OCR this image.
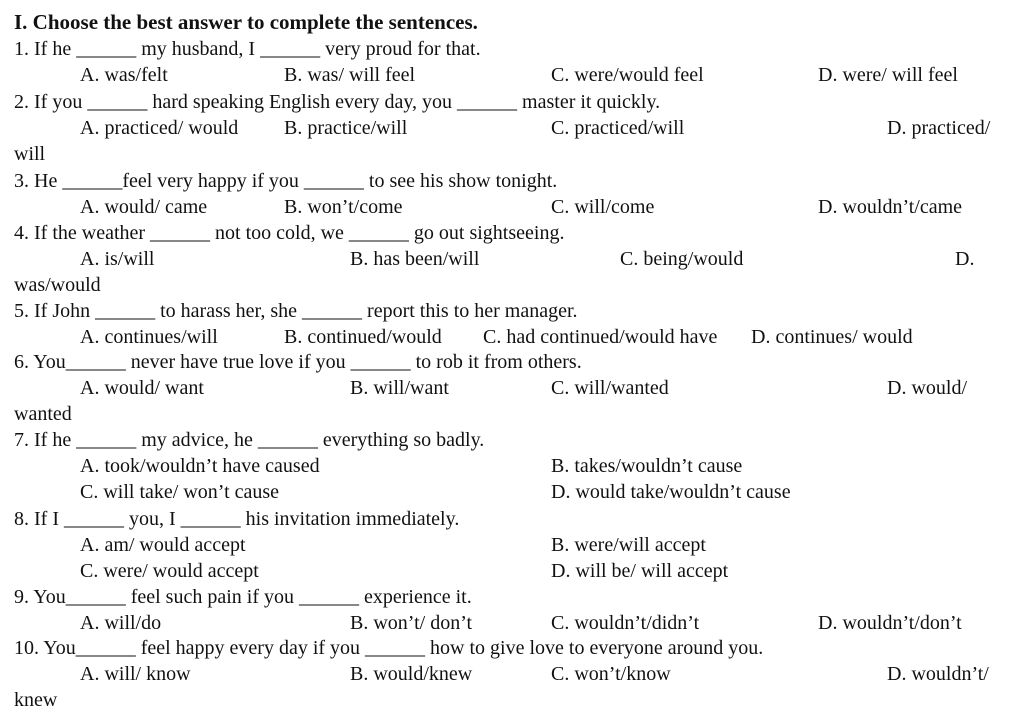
I. Choose the best answer to complete the sentences.
1. If he ______ my husband, I ______ very proud for that.
A. was/felt	B. was/ will feel	C. were/would feel	D. were/ will feel
2. If you ______ hard speaking English every day, you ______ master it quickly.
A. practiced/ would B. practice/will	C. practiced/will	D. practiced/
will
3. He ______feel very happy if you ______ to see his show tonight.
A. would/ came	B. won’t/come	C. will/come	D. wouldn’t/came
4. If the weather ______ not too cold, we ______ go out sightseeing.
A. is/will	B. has been/will	C. being/would	D.
was/would
5. If John ______ to harass her, she ______ report this to her manager.
A. continues/will	B. continued/would C. had continued/would have D. continues/ would
6. You______ never have true love if you ______ to rob it from others.
A. would/ want	B. will/want	C. will/wanted	D. would/
wanted
7. If he ______ my advice, he ______ everything so badly.
A. took/wouldn’t have caused	B. takes/wouldn’t cause
C. will take/ won’t cause	D. would take/wouldn’t cause
8. If I ______ you, I ______ his invitation immediately.
A. am/ would accept	B. were/will accept
C. were/ would accept	D. will be/ will accept
9. You______ feel such pain if you ______ experience it.
A. will/do	B. won’t/ don’t	C. wouldn’t/didn’t	D. wouldn’t/don’t
10. You______ feel happy every day if you ______ how to give love to everyone around you.
A. will/ know	B. would/knew	C. won’t/know	D. wouldn’t/
knew
